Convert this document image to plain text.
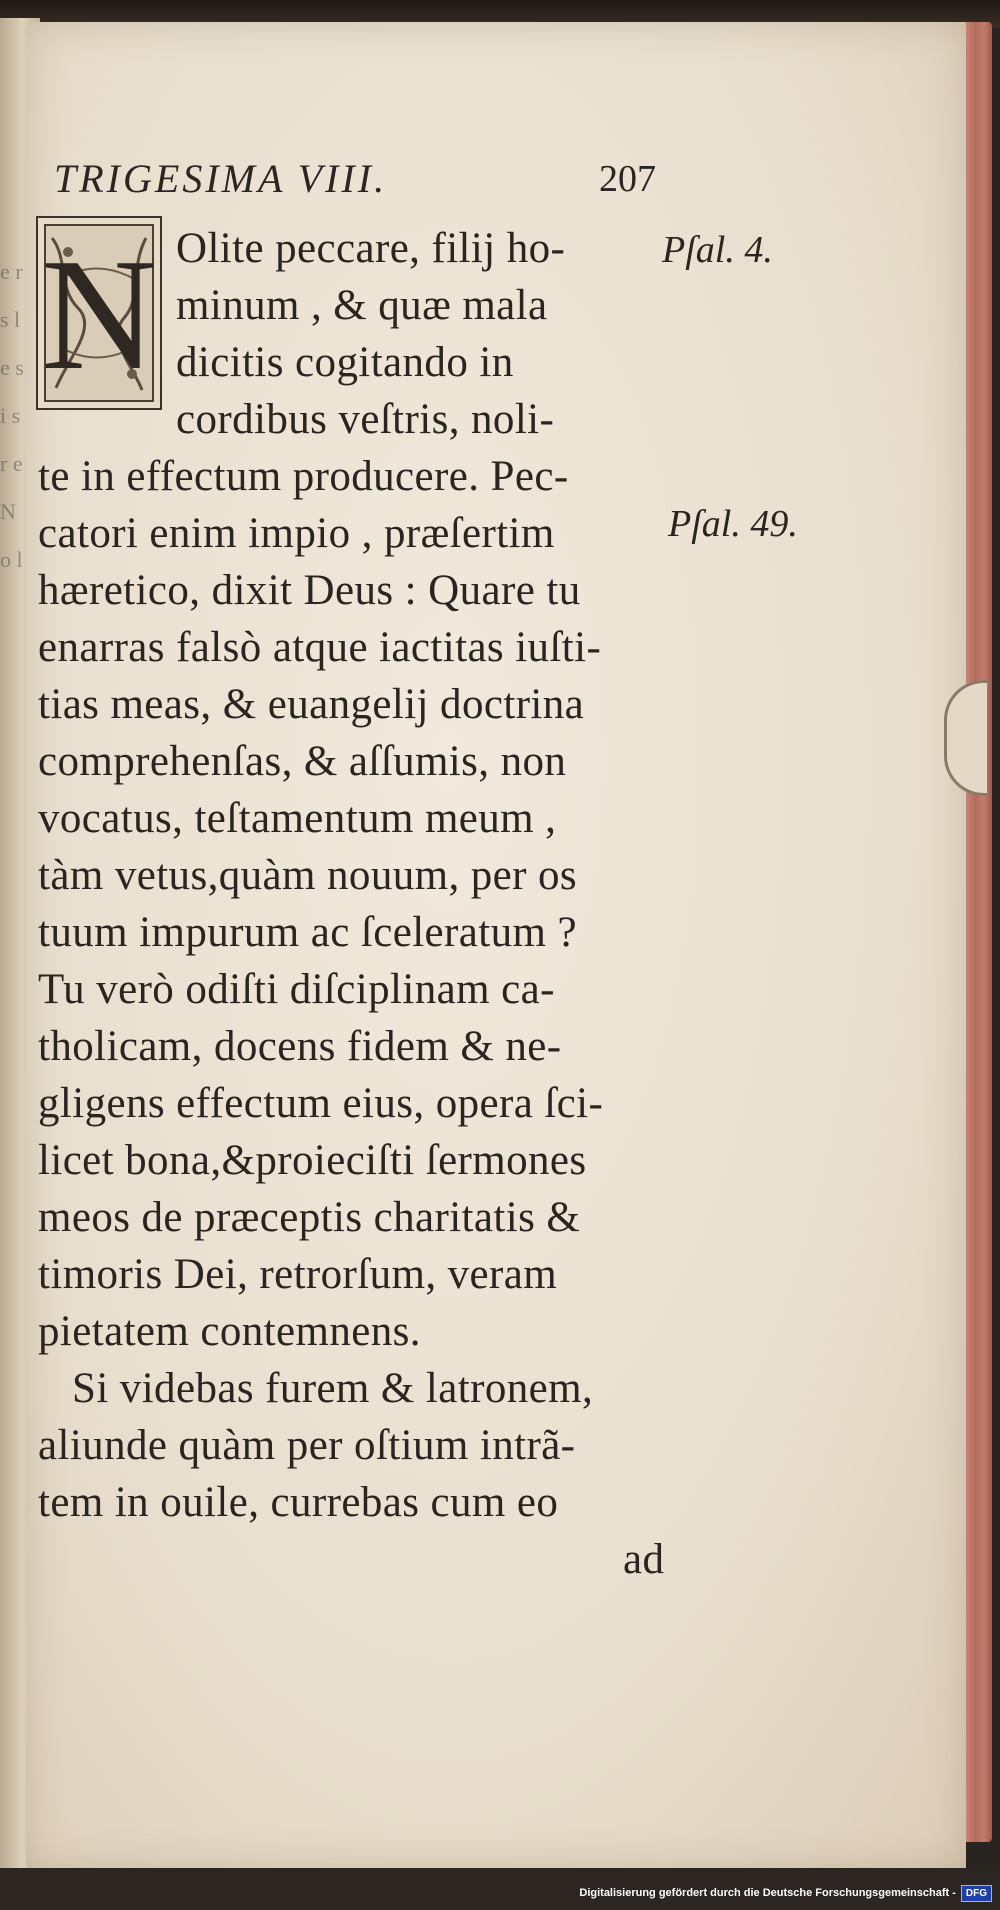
e r s l e s i s r e N o l
TRIGESIMA VIII.	207
N Olite peccare, filij ho-
minum , & quæ mala
dicitis cogitando in
cordibus veſtris, noli-
te in effectum producere. Pec-
catori enim impio , præſertim
hæretico, dixit Deus : Quare tu
enarras falsò atque iactitas iuſti-
tias meas, & euangelij doctrina
comprehenſas, & aſſumis, non
vocatus, teſtamentum meum ,
tàm vetus,quàm nouum, per os
tuum impurum ac ſceleratum ?
Tu verò odiſti diſciplinam ca-
tholicam, docens fidem & ne-
gligens effectum eius, opera ſci-
licet bona,&proieciſti ſermones
meos de præceptis charitatis &
timoris Dei, retrorſum, veram
pietatem contemnens.
Si videbas furem & latronem,
aliunde quàm per oſtium intrã-
tem in ouile, currebas cum eo
ad
Pſal. 4.
Pſal. 49.
Digitalisierung gefördert durch die Deutsche Forschungsgemeinschaft -	DFG
